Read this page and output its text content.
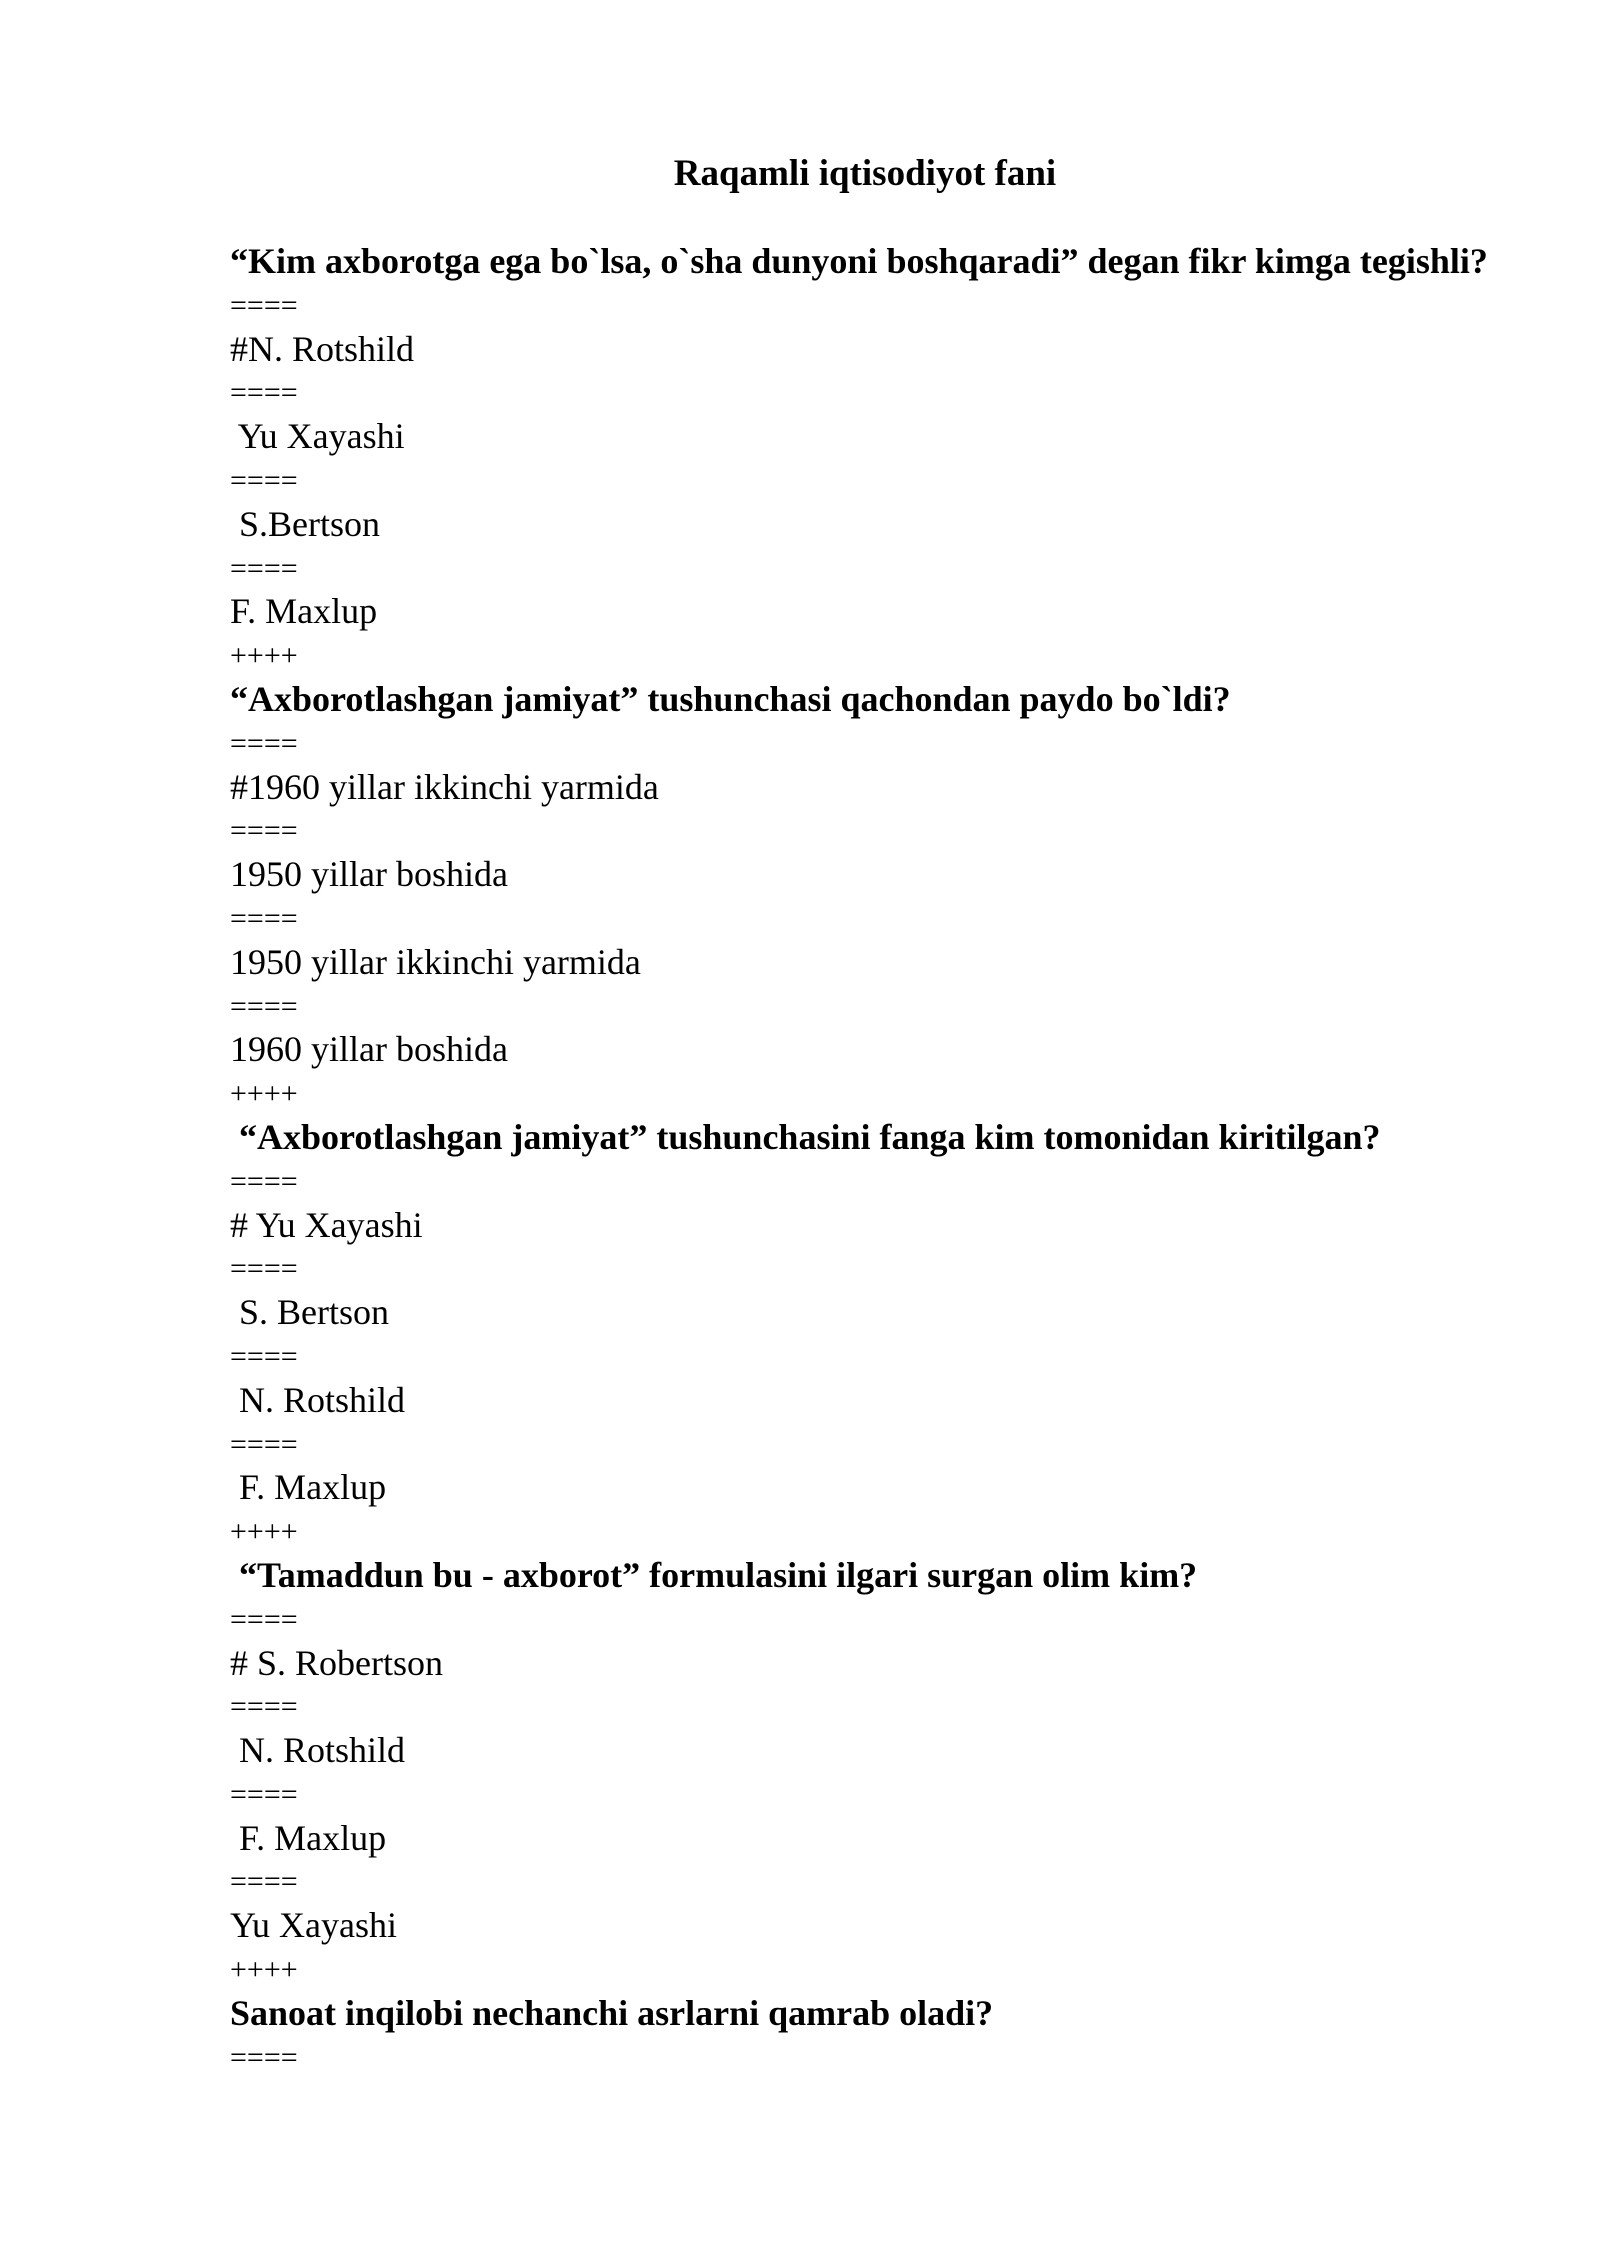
Raqamli iqtisodiyot fani
“Kim axborotga ega bo`lsa, o`sha dunyoni boshqaradi” degan fikr kimga tegishli?
====
#N. Rotshild
====
Yu Xayashi
====
S.Bertson
====
F. Maxlup
++++
“Axborotlashgan jamiyat” tushunchasi qachondan paydo bo`ldi?
====
#1960 yillar ikkinchi yarmida
====
1950 yillar boshida
====
1950 yillar ikkinchi yarmida
====
1960 yillar boshida
++++
“Axborotlashgan jamiyat” tushunchasini fanga kim tomonidan kiritilgan?
====
# Yu Xayashi
====
S. Bertson
====
N. Rotshild
====
F. Maxlup
++++
“Tamaddun bu - axborot” formulasini ilgari surgan olim kim?
====
# S. Robertson
====
N. Rotshild
====
F. Maxlup
====
Yu Xayashi
++++
Sanoat inqilobi nechanchi asrlarni qamrab oladi?
====
